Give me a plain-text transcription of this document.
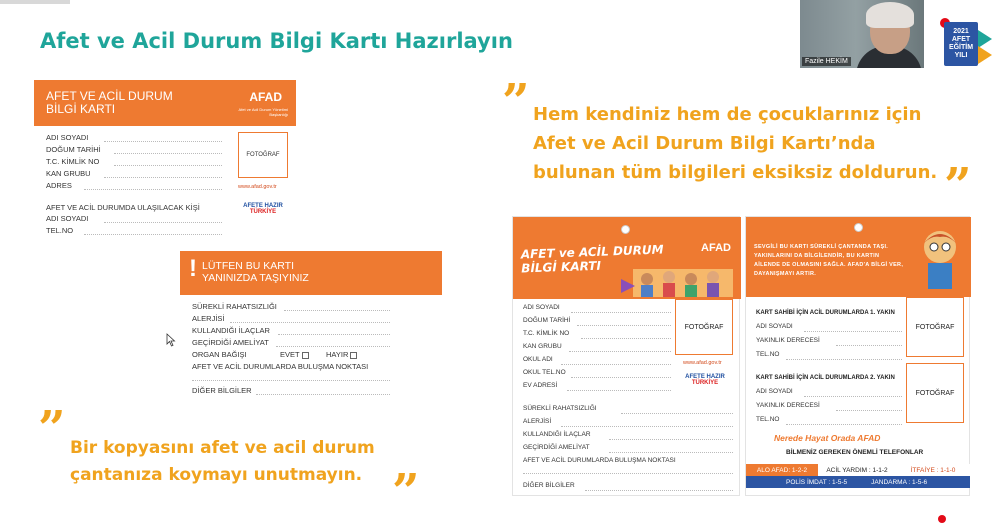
Afet ve Acil Durum Bilgi Kartı Hazırlayın
Fazile HEKİM
2021
AFET
EĞİTİM
YILI
AFET VE ACİL DURUM
BİLGİ KARTI
AFAD
Afet ve Acil Durum Yönetimi Başkanlığı
ADI SOYADI
DOĞUM TARİHİ
T.C. KİMLİK NO
KAN GRUBU
ADRES
AFET VE ACİL DURUMDA ULAŞILACAK KİŞİ
ADI SOYADI
TEL.NO
FOTOĞRAF
www.afad.gov.tr
AFETE HAZIR
TÜRKİYE
! LÜTFEN BU KARTI
YANINIZDA TAŞIYINIZ
SÜREKLİ RAHATSIZLIĞI
ALERJİSİ
KULLANDIĞI İLAÇLAR
GEÇİRDİĞİ AMELİYAT
ORGAN BAĞIŞI	EVET	HAYIR
AFET VE ACİL DURUMLARDA BULUŞMA NOKTASI
DİĞER BİLGİLER
” Hem kendiniz hem de çocuklarınız için
Afet ve Acil Durum Bilgi Kartı’nda
bulunan tüm bilgileri eksiksiz doldurun. ”
” Bir kopyasını afet ve acil durum
çantanıza koymayı unutmayın. ”
AFET ve ACİL DURUM
BİLGİ KARTI
AFAD
ADI SOYADI
DOĞUM TARİHİ
T.C. KİMLİK NO
KAN GRUBU
OKUL ADI
OKUL TEL.NO
EV ADRESİ
FOTOĞRAF
www.afad.gov.tr
AFETE HAZIR
TÜRKİYE
SÜREKLİ RAHATSIZLIĞI
ALERJİSİ
KULLANDIĞI İLAÇLAR
GEÇİRDİĞİ AMELİYAT
AFET VE ACİL DURUMLARDA BULUŞMA NOKTASI
DİĞER BİLGİLER
SEVGİLİ BU KARTI SÜREKLİ ÇANTANDA TAŞI. YAKINLARINI DA BİLGİLENDİR, BU KARTIN AİLENDE DE OLMASINI SAĞLA. AFAD'A BİLGİ VER, DAYANIŞMAYI ARTIR.
KART SAHİBİ İÇİN ACİL DURUMLARDA 1. YAKIN
ADI SOYADI
YAKINLIK DERECESİ
TEL.NO
FOTOĞRAF
KART SAHİBİ İÇİN ACİL DURUMLARDA 2. YAKIN
ADI SOYADI
YAKINLIK DERECESİ
TEL.NO
FOTOĞRAF
Nerede Hayat Orada AFAD
BİLMENİZ GEREKEN ÖNEMLİ TELEFONLAR
ALO AFAD: 1-2-2	ACİL YARDIM : 1-1-2	İTFAİYE : 1-1-0
POLİS İMDAT : 1-5-5	JANDARMA : 1-5-6
